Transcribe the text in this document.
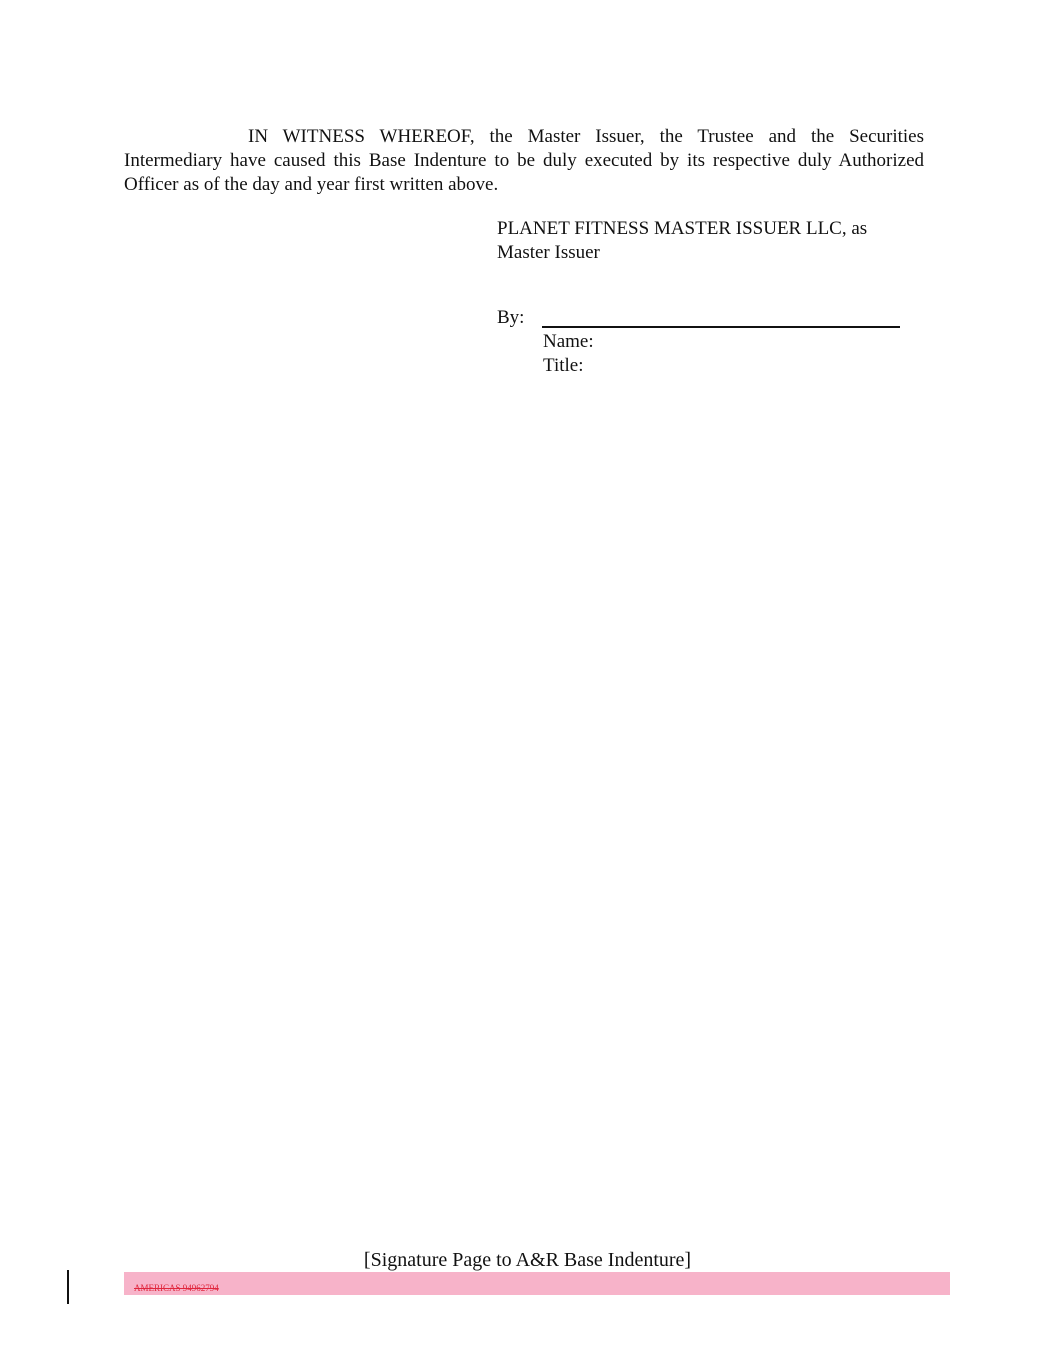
IN WITNESS WHEREOF, the Master Issuer, the Trustee and the Securities Intermediary have caused this Base Indenture to be duly executed by its respective duly Authorized Officer as of the day and year first written above.

PLANET FITNESS MASTER ISSUER LLC, as
Master Issuer
By:
Name:
Title:
[Signature Page to A&R Base Indenture]
AMERICAS 94962794
